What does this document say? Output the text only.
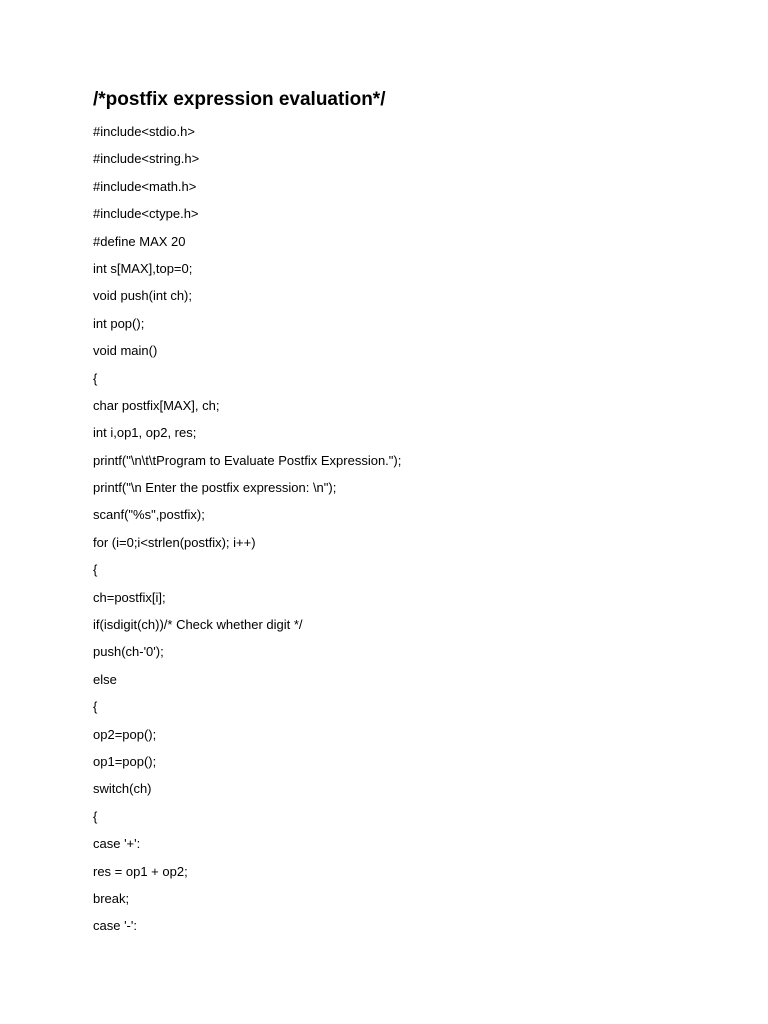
/*postfix expression evaluation*/
#include<stdio.h>
#include<string.h>
#include<math.h>
#include<ctype.h>
#define MAX 20
int s[MAX],top=0;
void push(int ch);
int pop();
void main()
{
char postfix[MAX], ch;
int i,op1, op2, res;
printf("\n\t\tProgram to Evaluate Postfix Expression.");
printf("\n Enter the postfix expression: \n");
scanf("%s",postfix);
for (i=0;i<strlen(postfix); i++)
{
ch=postfix[i];
if(isdigit(ch))/* Check whether digit */
push(ch-'0');
else
{
op2=pop();
op1=pop();
switch(ch)
{
case '+':
res = op1 + op2;
break;
case '-':
